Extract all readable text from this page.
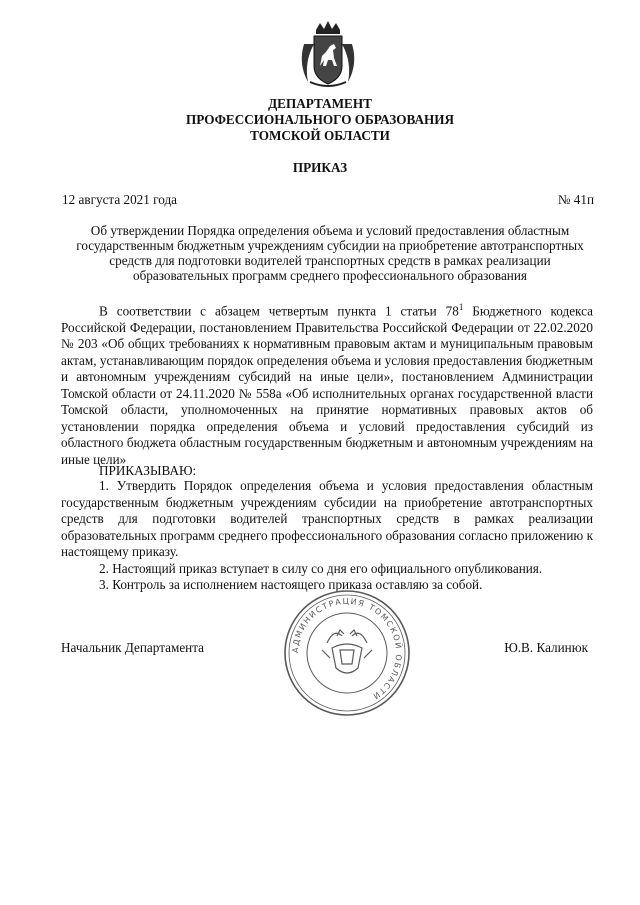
ДЕПАРТАМЕНТ
ПРОФЕССИОНАЛЬНОГО ОБРАЗОВАНИЯ
ТОМСКОЙ ОБЛАСТИ
ПРИКАЗ
12 августа 2021 года	№ 41п
Об утверждении Порядка определения объема и условий предоставления областным государственным бюджетным учреждениям субсидии на приобретение автотранспортных средств для подготовки водителей транспортных средств в рамках реализации образовательных программ среднего профессионального образования
В соответствии с абзацем четвертым пункта 1 статьи $78^1$ Бюджетного кодекса Российской Федерации, постановлением Правительства Российской Федерации от 22.02.2020 № 203 «Об общих требованиях к нормативным правовым актам и муниципальным правовым актам, устанавливающим порядок определения объема и условия предоставления бюджетным и автономным учреждениям субсидий на иные цели», постановлением Администрации Томской области от 24.11.2020 № 558а «Об исполнительных органах государственной власти Томской области, уполномоченных на принятие нормативных правовых актов об установлении порядка определения объема и условий предоставления субсидий из областного бюджета областным государственным бюджетным и автономным учреждениям на иные цели»
ПРИКАЗЫВАЮ:

1. Утвердить Порядок определения объема и условия предоставления областным государственным бюджетным учреждениям субсидии на приобретение автотранспортных средств для подготовки водителей транспортных средств в рамках реализации образовательных программ среднего профессионального образования согласно приложению к настоящему приказу.

2. Настоящий приказ вступает в силу со дня его официального опубликования.

3. Контроль за исполнением настоящего приказа оставляю за собой.

Начальник Департамента	Ю.В. Калинюк
АДМИНИСТРАЦИЯ ТОМСКОЙ ОБЛАСТИ
